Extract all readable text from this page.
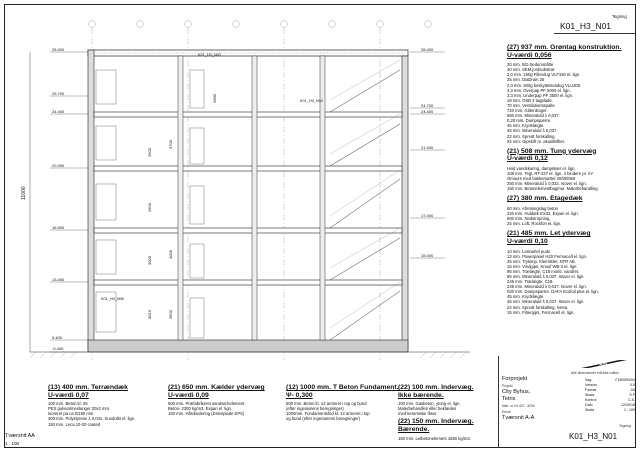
Tegning
K01_H3_N01
28.400
25.700
24.400
20.900
16.500
13.400
0.400
-0.400
28.400
24.700
24.400
21.900
17.400
15.000
11000
2600
2600
3000
3610
2680
3700
4000
3600
K01_H3_N03
K01_H3_N04
K01_H3_N06
(27) 937 mm. Grøntag konstruktion.
U-værdi 0,056
30 mm. BG-Sedummåtte
40 mm. SEM jordsubstrat
2,0 mm. 150g Filterdug VLF150 el. lign.
25 mm. DiaDrain 25
2,0 mm. 300g beskyttelsesdug VLU300.
4,3 mm. Overpap PF 5000 el. lign.
3,3 mm. Underpap PF 3500 el. lign.
18 mm. OSB 3 tagplade.
70 mm. Ventilationsspalte
720 mm. Gitterdrager.
650 mm. Mineraluld λ 0,037.
0,20 mm. Dampspærre.
45 mm. Krydslægte.
45 mm. Mineraluld λ 0,037.
22 mm. Spredt forskalling.
25 mm. Gipsloft m. akustikfilter.
(21) 508 mm. Tung ydervæg
U-værdi 0,12
Hvid vandskuring, dampskær el. lign.
108 mm. Tegl, RT-327 el. lign. 4 bindere pr. m²
Omuurs med bakkemørtel 20/80/550
250 mm. Mineraluld λ 0,032. Isover el. lign.
150 mm. Betonelementbagmur. Malerbehandling.
(27) 380 mm. Etagedæk
60 mm. Afretningslag beton
320 mm. Huldæk EX32, Expan el. lign.
600 mm. Nedstropning,
25 mm. Loft, Rockfon el. lign.
(21) 485 mm. Let ydervæg
U-værdi 0,10
10 mm. Letmørtel puds
13 mm. Powerpanel H20 Fermacell el. lign.
25 mm. Trykimp. Klemlister, NTR AB.
15 mm. Vindgips, Knauf WB-3 el. lign.
95 mm. Trælægte, C18 montr. vandret.
95 mm. Mineraluld λ 0,037. Isover el. lign.
245 mm. Trælægte, C18.
245 mm. Mineraluld λ 0,037. Isover el. lign.
020 mm. Dampspærre. DAFA Ecofoil plus el. lign.
45 mm. Krydslægte.
45 mm. Mineraluld λ 0,037. Isover el. lign.
22 mm. Spredt forskalling, lvreta.
15 mm. Fibergips, Fermacell el. lign.
(13) 400 mm. Terrændæk
U-værdi 0,07
100 mm. Beton kl. 25
PEX gulvvarmeslanger 20x2 mm.
Isoreret pa ca.0/150 mm
300 mm. Polystyrene λ 0,031. Sundolitt el. lign.
150 mm. Leca 10-20 coated
(21) 650 mm. Kælder ydervæg
U-værdi 0,09
500 mm. Præfabrikeret sandwichelement
Beton- 2300 kg/m3. Expan el. lign.
150 mm. Hårdisolering (Drænplade EPS)
(12) 1000 mm. T Beton Fundament.
Ψ- 0,300
500 mm. Beton kl. 12 armeret i top og bund
(efter ingeniørens beregninger)
1000mm. Fundamentsfod kl. 12 armeret i top
og bund (efter ingeniørens beregninger)
(22) 100 mm. Indervæg.
Ikke bærende.
100 mm. Gasbeton, ytong el. lign.
Malerbehandles eller beklædes
med keramiske fliser.
(22) 150 mm. Indervæg.
Bærende.
150 mm. Letbetonelement 1650 kg/m3.
SP
Alle dimensioner må ikke måles
Forprojekt
Projekt
City Byhus,
Tetris
Matr. nr. Nr. 637 - 820b
Emne
Tværsnit A-A
Sag	F1809/K004
Version	0.0
Format	A3
Skala	S.F
Kontrol	C.S.
Dato	12/09/18
Skala	1 : 100
Tegning
K01_H3_N01
Tværsnit AA
1 : 100
